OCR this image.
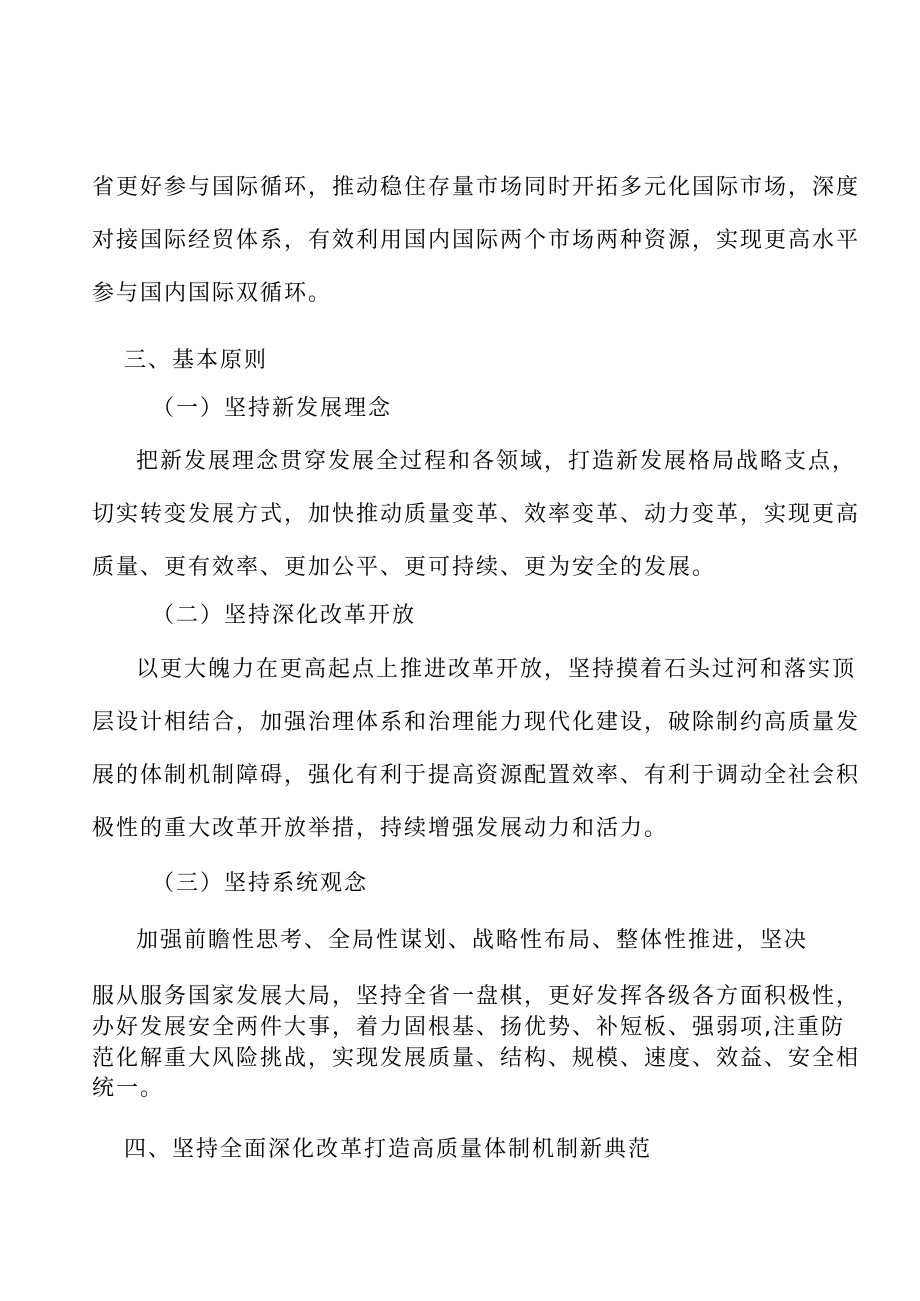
省更好参与国际循环，推动稳住存量市场同时开拓多元化国际市场，深度
对接国际经贸体系，有效利用国内国际两个市场两种资源，实现更高水平
参与国内国际双循环。
三、基本原则
（一）坚持新发展理念
把新发展理念贯穿发展全过程和各领域，打造新发展格局战略支点，
切实转变发展方式，加快推动质量变革、效率变革、动力变革，实现更高
质量、更有效率、更加公平、更可持续、更为安全的发展。
（二）坚持深化改革开放
以更大魄力在更高起点上推进改革开放，坚持摸着石头过河和落实顶
层设计相结合，加强治理体系和治理能力现代化建设，破除制约高质量发
展的体制机制障碍，强化有利于提高资源配置效率、有利于调动全社会积
极性的重大改革开放举措，持续增强发展动力和活力。
（三）坚持系统观念
加强前瞻性思考、全局性谋划、战略性布局、整体性推进，坚决
服从服务国家发展大局，坚持全省一盘棋，更好发挥各级各方面积极性，
办好发展安全两件大事，着力固根基、扬优势、补短板、强弱项,注重防
范化解重大风险挑战，实现发展质量、结构、规模、速度、效益、安全相
统一。
四、坚持全面深化改革打造高质量体制机制新典范
